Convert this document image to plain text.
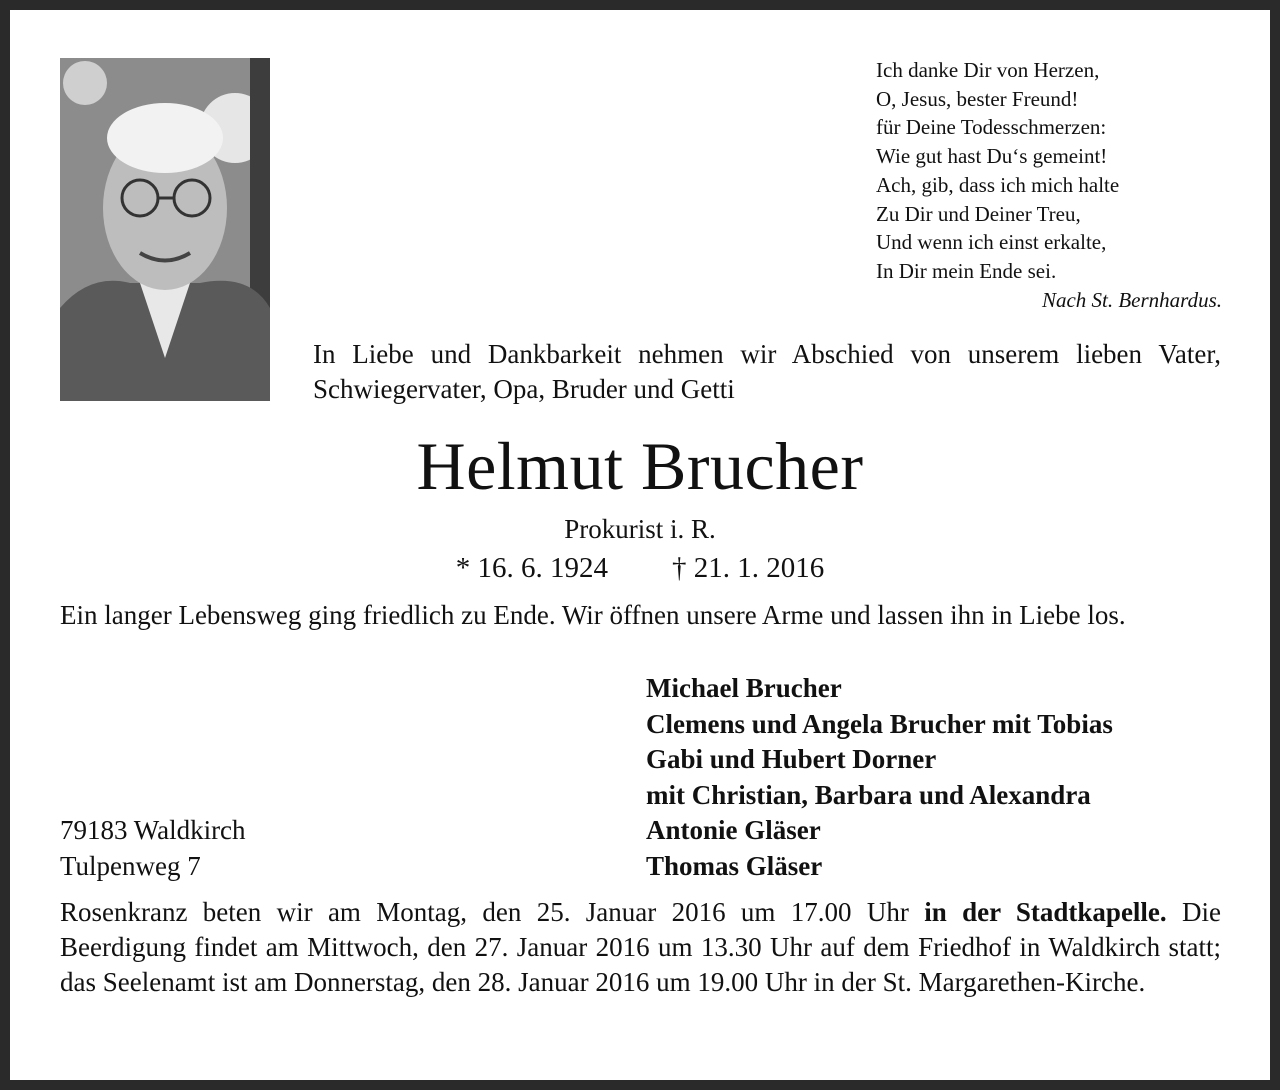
Ich danke Dir von Herzen,
O, Jesus, bester Freund!
für Deine Todesschmerzen:
Wie gut hast Du‘s gemeint!
Ach, gib, dass ich mich halte
Zu Dir und Deiner Treu,
Und wenn ich einst erkalte,
In Dir mein Ende sei.
Nach St. Bernhardus.
In Liebe und Dankbarkeit nehmen wir Abschied von unserem lieben Vater, Schwiegervater, Opa, Bruder und Getti
Helmut Brucher
Prokurist i. R.
* 16. 6. 1924 † 21. 1. 2016
Ein langer Lebensweg ging friedlich zu Ende. Wir öffnen unsere Arme und lassen ihn in Liebe los.
Michael Brucher
Clemens und Angela Brucher mit Tobias
Gabi und Hubert Dorner
mit Christian, Barbara und Alexandra
Antonie Gläser
Thomas Gläser
79183 Waldkirch
Tulpenweg 7
Rosenkranz beten wir am Montag, den 25. Januar 2016 um 17.00 Uhr in der Stadtkapelle. Die Beerdigung findet am Mittwoch, den 27. Januar 2016 um 13.30 Uhr auf dem Friedhof in Waldkirch statt; das Seelenamt ist am Donnerstag, den 28. Januar 2016 um 19.00 Uhr in der St. Margarethen-Kirche.
